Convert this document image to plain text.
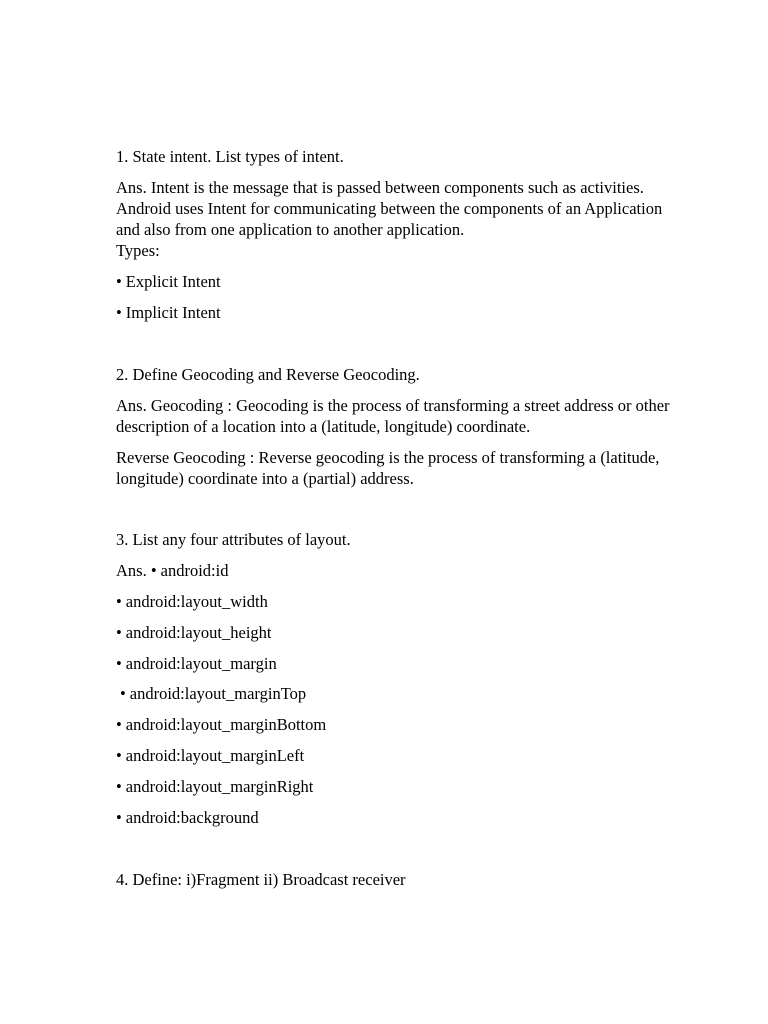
1. State intent. List types of intent.
Ans. Intent is the message that is passed between components such as activities. Android uses Intent for communicating between the components of an Application and also from one application to another application.
Types:
• Explicit Intent
• Implicit Intent
2. Define Geocoding and Reverse Geocoding.
Ans. Geocoding : Geocoding is the process of transforming a street address or other description of a location into a (latitude, longitude) coordinate.
Reverse Geocoding : Reverse geocoding is the process of transforming a (latitude, longitude) coordinate into a (partial) address.
3. List any four attributes of layout.
Ans. • android:id
• android:layout_width
• android:layout_height
• android:layout_margin
• android:layout_marginTop
• android:layout_marginBottom
• android:layout_marginLeft
• android:layout_marginRight
• android:background
4. Define: i)Fragment ii) Broadcast receiver
